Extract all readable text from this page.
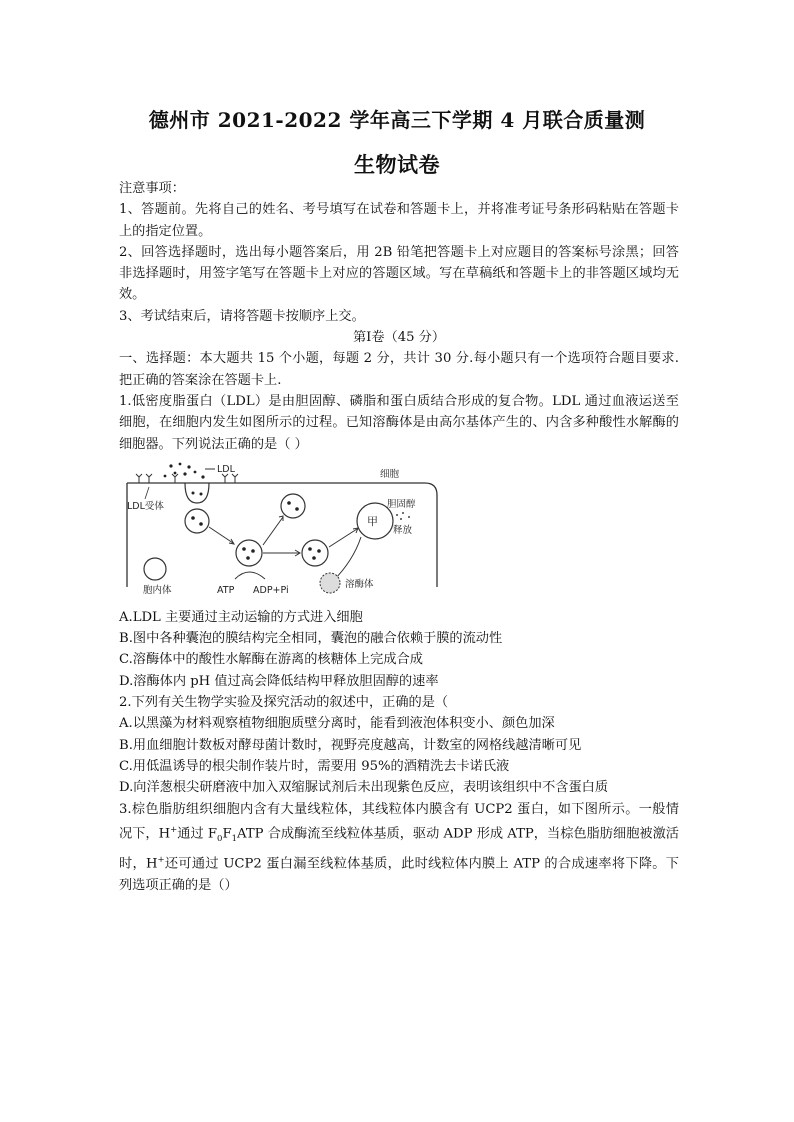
德州市 2021-2022 学年高三下学期 4 月联合质量测
生物试卷

注意事项：

1、答题前。先将自己的姓名、考号填写在试卷和答题卡上，并将准考证号条形码粘贴在答题卡上的指定位置。

2、回答选择题时，选出每小题答案后，用 2B 铅笔把答题卡上对应题目的答案标号涂黑；回答非选择题时，用签字笔写在答题卡上对应的答题区域。写在草稿纸和答题卡上的非答题区域均无效。

3、考试结束后，请将答题卡按顺序上交。

第Ⅰ卷（45 分）

一、选择题：本大题共 15 个小题，每题 2 分，共计 30 分.每小题只有一个选项符合题目要求.把正确的答案涂在答题卡上.

1.低密度脂蛋白（LDL）是由胆固醇、磷脂和蛋白质结合形成的复合物。LDL 通过血液运送至细胞，在细胞内发生如图所示的过程。已知溶酶体是由高尔基体产生的、内含多种酸性水解酶的细胞器。下列说法正确的是（ ）

LDL
LDL受体
细胞
甲
胆固醇
释放
ATP ADP+Pi
胞内体
溶酶体

A.LDL 主要通过主动运输的方式进入细胞

B.图中各种囊泡的膜结构完全相同，囊泡的融合依赖于膜的流动性

C.溶酶体中的酸性水解酶在游离的核糖体上完成合成

D.溶酶体内 pH 值过高会降低结构甲释放胆固醇的速率

2.下列有关生物学实验及探究活动的叙述中，正确的是（

A.以黑藻为材料观察植物细胞质壁分离时，能看到液泡体积变小、颜色加深

B.用血细胞计数板对酵母菌计数时，视野亮度越高，计数室的网格线越清晰可见

C.用低温诱导的根尖制作装片时，需要用 95%的酒精洗去卡诺氏液

D.向洋葱根尖研磨液中加入双缩脲试剂后未出现紫色反应，表明该组织中不含蛋白质

3.棕色脂肪组织细胞内含有大量线粒体，其线粒体内膜含有 UCP2 蛋白，如下图所示。一般情况下，H+通过 $F_0F_1ATP$ 合成酶流至线粒体基质，驱动 ADP 形成 ATP，当棕色脂肪细胞被激活时，H+还可通过 UCP2 蛋白漏至线粒体基质，此时线粒体内膜上 ATP 的合成速率将下降。下列选项正确的是（）
